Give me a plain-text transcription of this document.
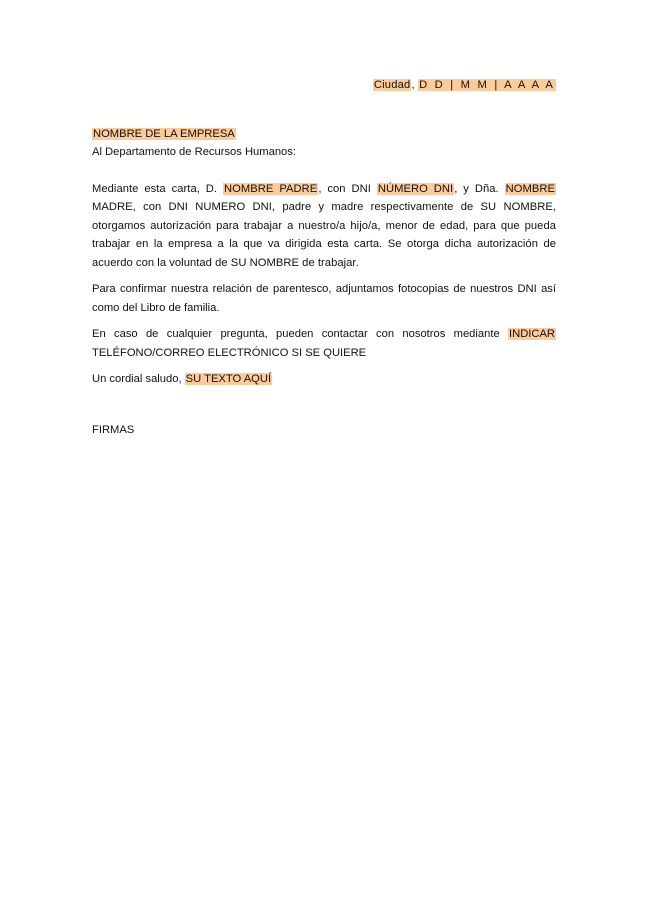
Ciudad, D D | M M | A A A A

NOMBRE DE LA EMPRESA

Al Departamento de Recursos Humanos:

Mediante esta carta, D. NOMBRE PADRE, con DNI NÚMERO DNI, y Dña. NOMBRE MADRE, con DNI NUMERO DNI, padre y madre respectivamente de SU NOMBRE, otorgamos autorización para trabajar a nuestro/a hijo/a, menor de edad, para que pueda trabajar en la empresa a la que va dirigida esta carta. Se otorga dicha autorización de acuerdo con la voluntad de SU NOMBRE de trabajar.

Para confirmar nuestra relación de parentesco, adjuntamos fotocopias de nuestros DNI así como del Libro de familia.

En caso de cualquier pregunta, pueden contactar con nosotros mediante INDICAR TELÉFONO/CORREO ELECTRÓNICO SI SE QUIERE

Un cordial saludo, SU TEXTO AQUÍ

FIRMAS
